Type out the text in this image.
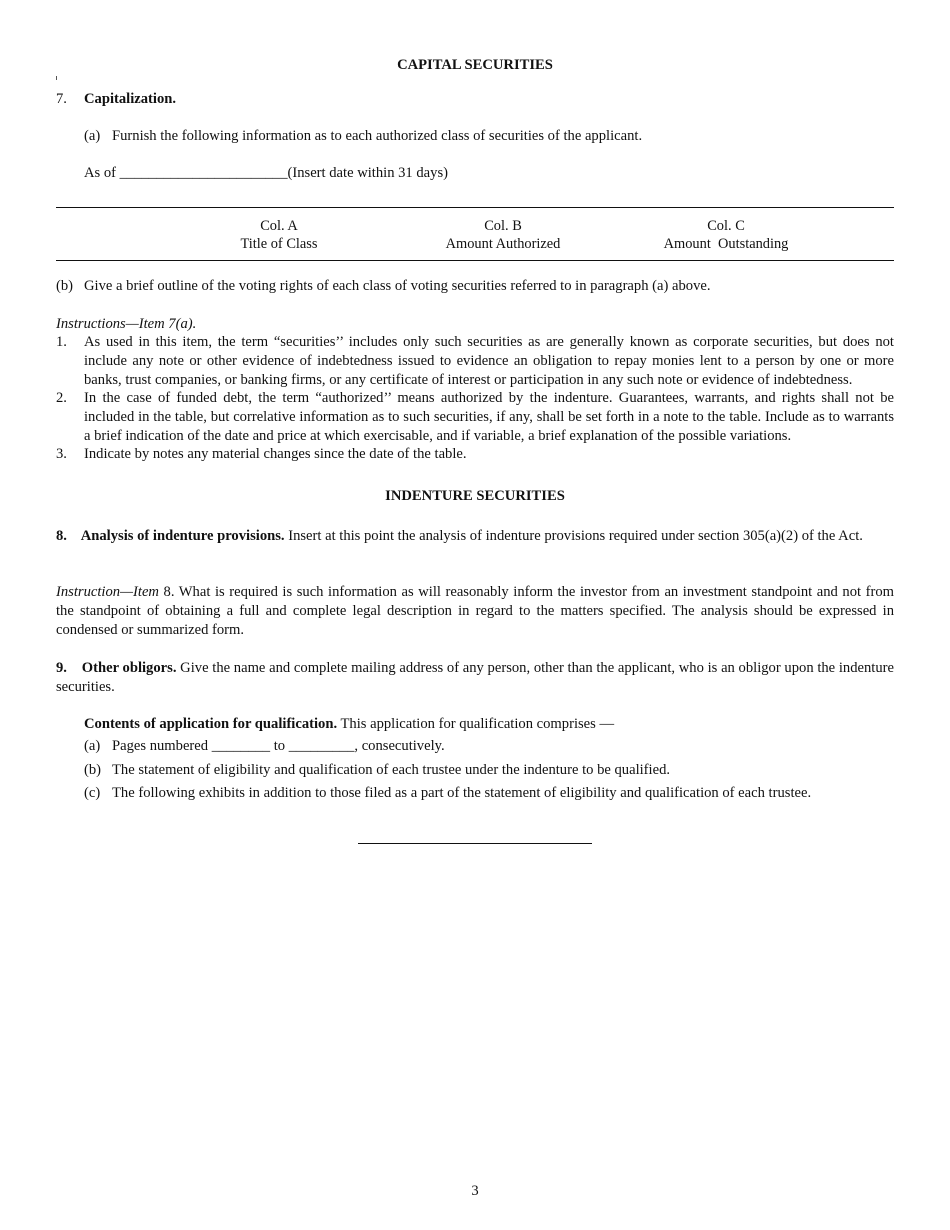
CAPITAL SECURITIES
7. Capitalization.
(a) Furnish the following information as to each authorized class of securities of the applicant.
As of _______________________(Insert date within 31 days)
Col. A
Title of Class
Col. B
Amount Authorized
Col. C
Amount  Outstanding
(b) Give a brief outline of the voting rights of each class of voting securities referred to in paragraph (a) above.
Instructions—Item 7(a).
1. As used in this item, the term “securities’’ includes only such securities as are generally known as corporate securities, but does not include any note or other evidence of indebtedness issued to evidence an obligation to repay monies lent to a person by one or more banks, trust companies, or banking firms, or any certificate of interest or participation in any such note or evidence of indebtedness.
2. In the case of funded debt, the term “authorized’’ means authorized by the indenture. Guarantees, warrants, and rights shall not be included in the table, but correlative information as to such securities, if any, shall be set forth in a note to the table. Include as to warrants a brief indication of the date and price at which exercisable, and if variable, a brief explanation of the possible variations.
3. Indicate by notes any material changes since the date of the table.
INDENTURE SECURITIES
8.    Analysis of indenture provisions. Insert at this point the analysis of indenture provisions required under section 305(a)(2) of the Act.
Instruction—Item 8. What is required is such information as will reasonably inform the investor from an investment standpoint and not from the standpoint of obtaining a full and complete legal description in regard to the matters specified. The analysis should be expressed in condensed or summarized form.
9.    Other obligors. Give the name and complete mailing address of any person, other than the applicant, who is an obligor upon the indenture securities.
Contents of application for qualification. This application for qualification comprises —
(a) Pages numbered ________ to _________, consecutively.
(b) The statement of eligibility and qualification of each trustee under the indenture to be qualified.
(c) The following exhibits in addition to those filed as a part of the statement of eligibility and qualification of each trustee.
3
